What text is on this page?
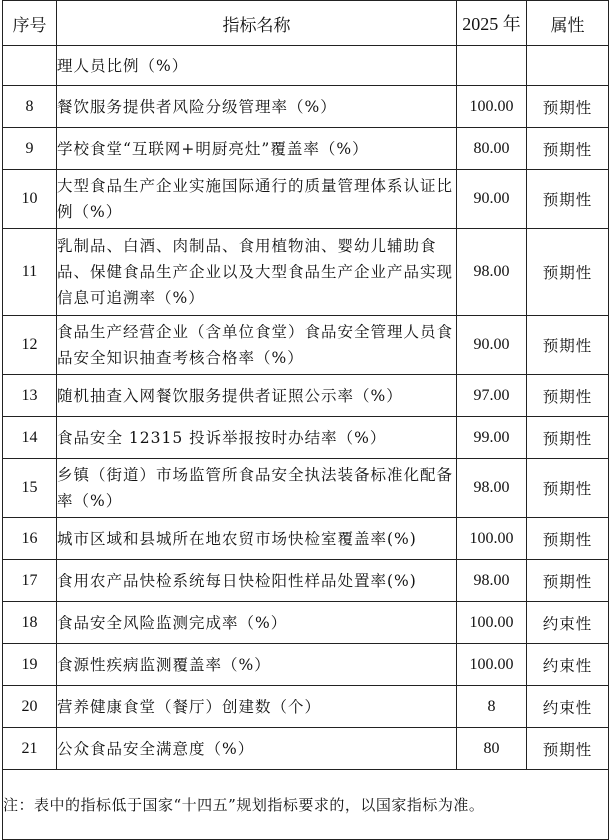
序号	指标名称	2025 年	属性
	理人员比例（%）		
8	餐饮服务提供者风险分级管理率（%）	100.00	预期性
9	学校食堂“互联网+明厨亮灶”覆盖率（%）	80.00	预期性
10	大型食品生产企业实施国际通行的质量管理体系认证比例（%）	90.00	预期性
11	乳制品、白酒、肉制品、食用植物油、婴幼儿辅助食品、保健食品生产企业以及大型食品生产企业产品实现信息可追溯率（%）	98.00	预期性
12	食品生产经营企业（含单位食堂）食品安全管理人员食品安全知识抽查考核合格率（%）	90.00	预期性
13	随机抽查入网餐饮服务提供者证照公示率（%）	97.00	预期性
14	食品安全 12315 投诉举报按时办结率（%）	99.00	预期性
15	乡镇（街道）市场监管所食品安全执法装备标准化配备率（%）	98.00	预期性
16	城市区域和县城所在地农贸市场快检室覆盖率(%)	100.00	预期性
17	食用农产品快检系统每日快检阳性样品处置率(%)	98.00	预期性
18	食品安全风险监测完成率（%）	100.00	约束性
19	食源性疾病监测覆盖率（%）	100.00	约束性
20	营养健康食堂（餐厅）创建数（个）	8	约束性
21	公众食品安全满意度（%）	80	预期性
注：表中的指标低于国家“十四五”规划指标要求的，以国家指标为准。			
